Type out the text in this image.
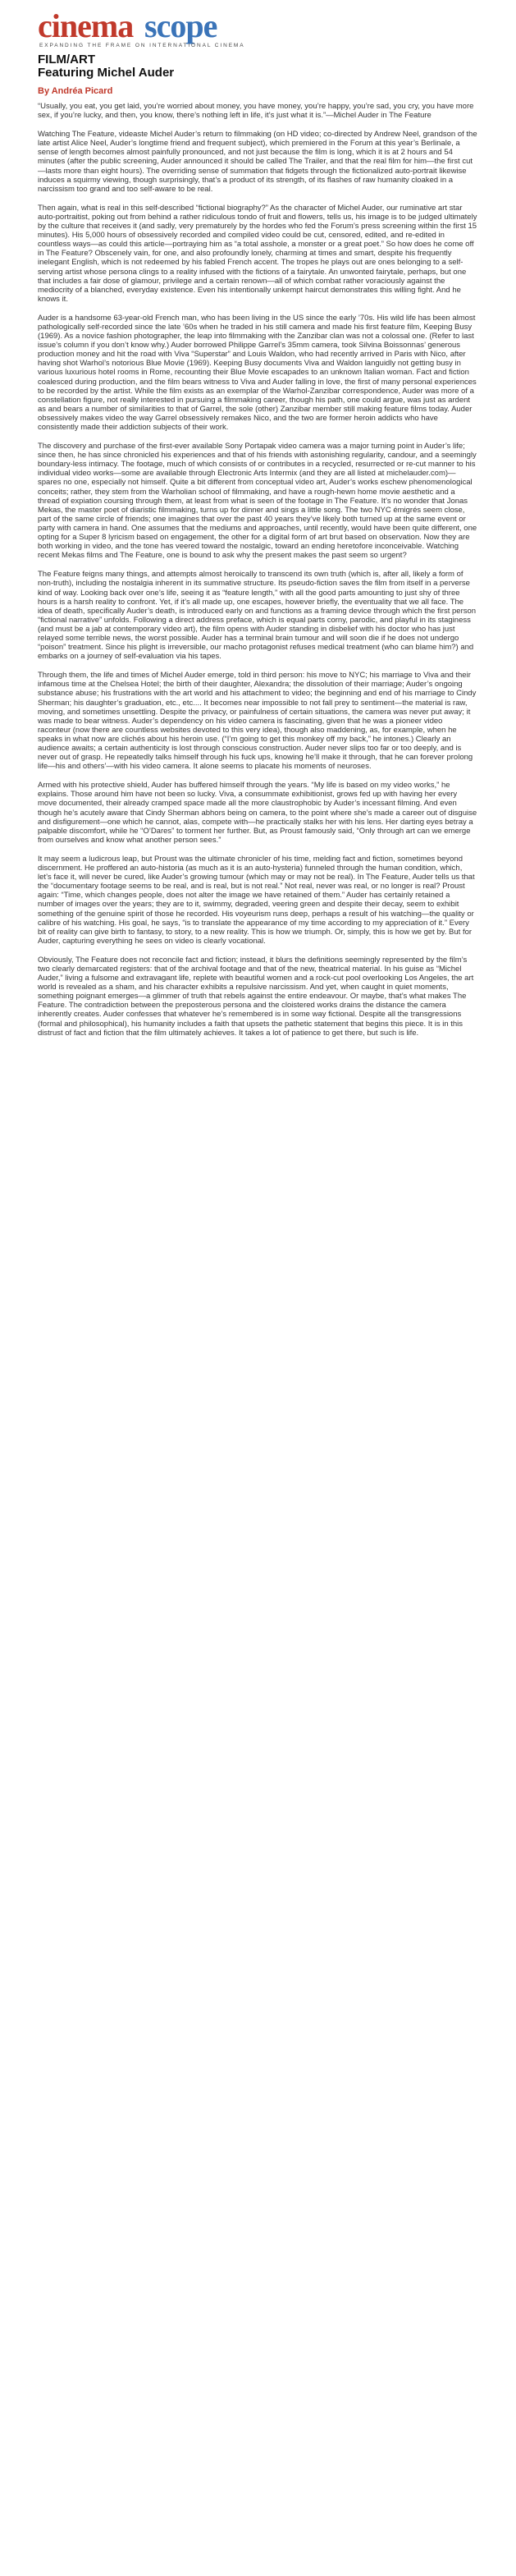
cinema scope
EXPANDING THE FRAME ON INTERNATIONAL CINEMA
FILM/ART
Featuring Michel Auder
By Andréa Picard

“Usually, you eat, you get laid, you’re worried about money, you have money, you’re happy, you’re sad, you cry, you have more sex, if you’re lucky, and then, you know, there’s nothing left in life, it’s just what it is.”—Michel Auder in The Feature

Watching The Feature, videaste Michel Auder’s return to filmmaking (on HD video; co-directed by Andrew Neel, grandson of the late artist Alice Neel, Auder’s longtime friend and frequent subject), which premiered in the Forum at this year’s Berlinale, a sense of length becomes almost painfully pronounced, and not just because the film is long, which it is at 2 hours and 54 minutes (after the public screening, Auder announced it should be called The Trailer, and that the real film for him—the first cut—lasts more than eight hours). The overriding sense of summation that fidgets through the fictionalized auto-portrait likewise induces a squirmy viewing, though surprisingly, that’s a product of its strength, of its flashes of raw humanity cloaked in a narcissism too grand and too self-aware to be real.

Then again, what is real in this self-described “fictional biography?” As the character of Michel Auder, our ruminative art star auto-portraitist, poking out from behind a rather ridiculous tondo of fruit and flowers, tells us, his image is to be judged ultimately by the culture that receives it (and sadly, very prematurely by the hordes who fed the Forum’s press screening within the first 15 minutes). His 5,000 hours of obsessively recorded and compiled video could be cut, censored, edited, and re-edited in countless ways—as could this article—portraying him as “a total asshole, a monster or a great poet.” So how does he come off in The Feature? Obscenely vain, for one, and also profoundly lonely, charming at times and smart, despite his frequently inelegant English, which is not redeemed by his fabled French accent. The tropes he plays out are ones belonging to a self-serving artist whose persona clings to a reality infused with the fictions of a fairytale. An unwonted fairytale, perhaps, but one that includes a fair dose of glamour, privilege and a certain renown—all of which combat rather voraciously against the mediocrity of a blanched, everyday existence. Even his intentionally unkempt haircut demonstrates this willing fight. And he knows it.

Auder is a handsome 63-year-old French man, who has been living in the US since the early ’70s. His wild life has been almost pathologically self-recorded since the late ’60s when he traded in his still camera and made his first feature film, Keeping Busy (1969). As a novice fashion photographer, the leap into filmmaking with the Zanzibar clan was not a colossal one. (Refer to last issue’s column if you don’t know why.) Auder borrowed Philippe Garrel’s 35mm camera, took Silvina Boissonnas’ generous production money and hit the road with Viva “Superstar” and Louis Waldon, who had recently arrived in Paris with Nico, after having shot Warhol’s notorious Blue Movie (1969). Keeping Busy documents Viva and Waldon languidly not getting busy in various luxurious hotel rooms in Rome, recounting their Blue Movie escapades to an unknown Italian woman. Fact and fiction coalesced during production, and the film bears witness to Viva and Auder falling in love, the first of many personal experiences to be recorded by the artist. While the film exists as an exemplar of the Warhol-Zanzibar correspondence, Auder was more of a constellation figure, not really interested in pursuing a filmmaking career, though his path, one could argue, was just as ardent as and bears a number of similarities to that of Garrel, the sole (other) Zanzibar member still making feature films today. Auder obsessively makes video the way Garrel obsessively remakes Nico, and the two are former heroin addicts who have consistently made their addiction subjects of their work.

The discovery and purchase of the first-ever available Sony Portapak video camera was a major turning point in Auder’s life; since then, he has since chronicled his experiences and that of his friends with astonishing regularity, candour, and a seemingly boundary-less intimacy. The footage, much of which consists of or contributes in a recycled, resurrected or re-cut manner to his individual video works—some are available through Electronic Arts Intermix (and they are all listed at michelauder.com)—spares no one, especially not himself. Quite a bit different from conceptual video art, Auder’s works eschew phenomenological conceits; rather, they stem from the Warholian school of filmmaking, and have a rough-hewn home movie aesthetic and a thread of expiation coursing through them, at least from what is seen of the footage in The Feature. It’s no wonder that Jonas Mekas, the master poet of diaristic filmmaking, turns up for dinner and sings a little song. The two NYC émigrés seem close, part of the same circle of friends; one imagines that over the past 40 years they’ve likely both turned up at the same event or party with camera in hand. One assumes that the mediums and approaches, until recently, would have been quite different, one opting for a Super 8 lyricism based on engagement, the other for a digital form of art brut based on observation. Now they are both working in video, and the tone has veered toward the nostalgic, toward an ending heretofore inconceivable. Watching recent Mekas films and The Feature, one is bound to ask why the present makes the past seem so urgent?

The Feature feigns many things, and attempts almost heroically to transcend its own truth (which is, after all, likely a form of non-truth), including the nostalgia inherent in its summative structure. Its pseudo-fiction saves the film from itself in a perverse kind of way. Looking back over one’s life, seeing it as “feature length,” with all the good parts amounting to just shy of three hours is a harsh reality to confront. Yet, if it’s all made up, one escapes, however briefly, the eventuality that we all face. The idea of death, specifically Auder’s death, is introduced early on and functions as a framing device through which the first person “fictional narrative” unfolds. Following a direct address preface, which is equal parts corny, parodic, and playful in its staginess (and must be a jab at contemporary video art), the film opens with Auder standing in disbelief with his doctor who has just relayed some terrible news, the worst possible. Auder has a terminal brain tumour and will soon die if he does not undergo “poison” treatment. Since his plight is irreversible, our macho protagonist refuses medical treatment (who can blame him?) and embarks on a journey of self-evaluation via his tapes.

Through them, the life and times of Michel Auder emerge, told in third person: his move to NYC; his marriage to Viva and their infamous time at the Chelsea Hotel; the birth of their daughter, Alexandra; the dissolution of their marriage; Auder’s ongoing substance abuse; his frustrations with the art world and his attachment to video; the beginning and end of his marriage to Cindy Sherman; his daughter’s graduation, etc., etc.... It becomes near impossible to not fall prey to sentiment—the material is raw, moving, and sometimes unsettling. Despite the privacy, or painfulness of certain situations, the camera was never put away; it was made to bear witness. Auder’s dependency on his video camera is fascinating, given that he was a pioneer video raconteur (now there are countless websites devoted to this very idea), though also maddening, as, for example, when he speaks in what now are clichés about his heroin use. (“I’m going to get this monkey off my back,” he intones.) Clearly an audience awaits; a certain authenticity is lost through conscious construction. Auder never slips too far or too deeply, and is never out of grasp. He repeatedly talks himself through his fuck ups, knowing he’ll make it through, that he can forever prolong life—his and others’—with his video camera. It alone seems to placate his moments of neuroses.

Armed with his protective shield, Auder has buffered himself through the years. “My life is based on my video works,” he explains. Those around him have not been so lucky. Viva, a consummate exhibitionist, grows fed up with having her every move documented, their already cramped space made all the more claustrophobic by Auder’s incessant filming. And even though he’s acutely aware that Cindy Sherman abhors being on camera, to the point where she’s made a career out of disguise and disfigurement—one which he cannot, alas, compete with—he practically stalks her with his lens. Her darting eyes betray a palpable discomfort, while he “O’Dares” to torment her further. But, as Proust famously said, “Only through art can we emerge from ourselves and know what another person sees.”

It may seem a ludicrous leap, but Proust was the ultimate chronicler of his time, melding fact and fiction, sometimes beyond discernment. He proffered an auto-historia (as much as it is an auto-hysteria) funneled through the human condition, which, let’s face it, will never be cured, like Auder’s growing tumour (which may or may not be real). In The Feature, Auder tells us that the “documentary footage seems to be real, and is real, but is not real.” Not real, never was real, or no longer is real? Proust again: “Time, which changes people, does not alter the image we have retained of them.” Auder has certainly retained a number of images over the years; they are to it, swimmy, degraded, veering green and despite their decay, seem to exhibit something of the genuine spirit of those he recorded. His voyeurism runs deep, perhaps a result of his watching—the quality or calibre of his watching. His goal, he says, “is to translate the appearance of my time according to my appreciation of it.” Every bit of reality can give birth to fantasy, to story, to a new reality. This is how we triumph. Or, simply, this is how we get by. But for Auder, capturing everything he sees on video is clearly vocational.

Obviously, The Feature does not reconcile fact and fiction; instead, it blurs the definitions seemingly represented by the film’s two clearly demarcated registers: that of the archival footage and that of the new, theatrical material. In his guise as “Michel Auder,” living a fulsome and extravagant life, replete with beautiful women and a rock-cut pool overlooking Los Angeles, the art world is revealed as a sham, and his character exhibits a repulsive narcissism. And yet, when caught in quiet moments, something poignant emerges—a glimmer of truth that rebels against the entire endeavour. Or maybe, that’s what makes The Feature. The contradiction between the preposterous persona and the cloistered works drains the distance the camera inherently creates. Auder confesses that whatever he’s remembered is in some way fictional. Despite all the transgressions (formal and philosophical), his humanity includes a faith that upsets the pathetic statement that begins this piece. It is in this distrust of fact and fiction that the film ultimately achieves. It takes a lot of patience to get there, but such is life.
